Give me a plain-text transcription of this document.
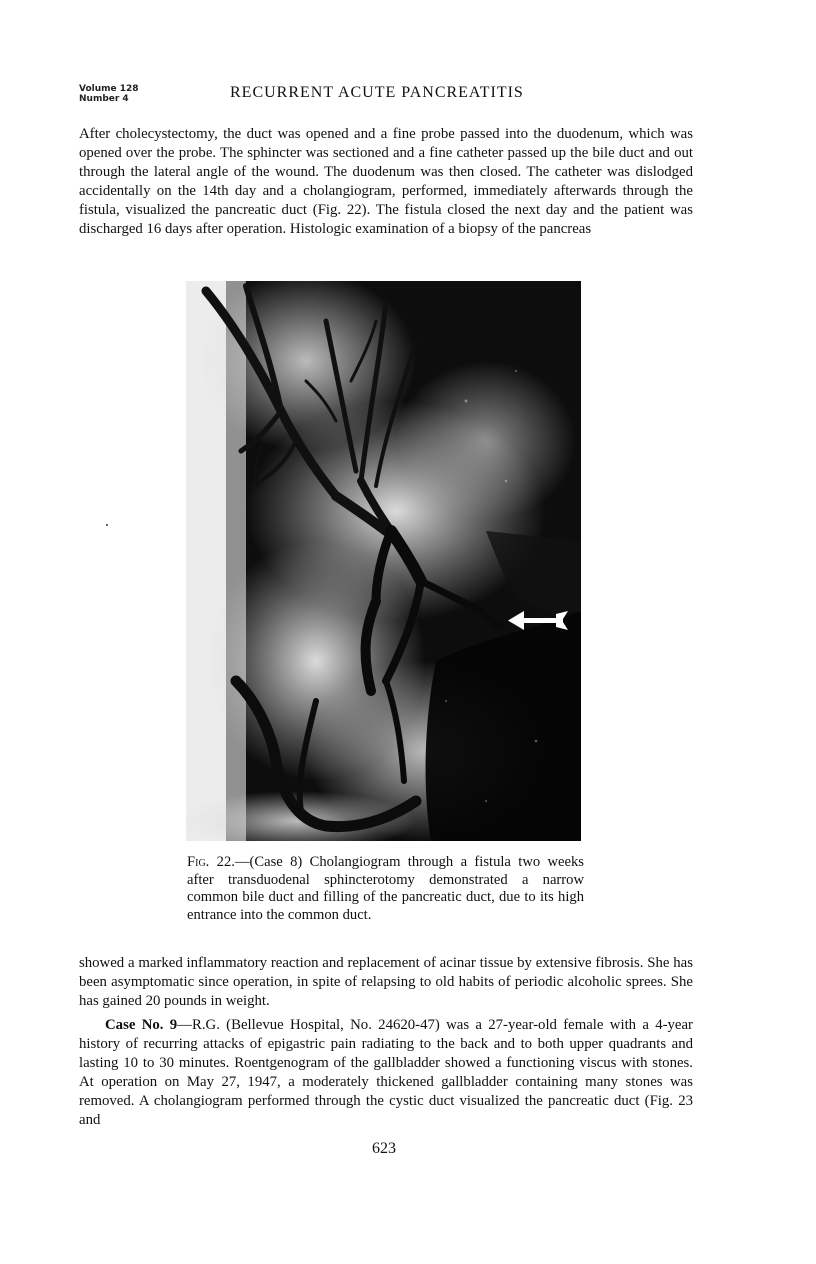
Volume 128
Number 4	RECURRENT ACUTE PANCREATITIS

After cholecystectomy, the duct was opened and a fine probe passed into the duodenum, which was opened over the probe. The sphincter was sectioned and a fine catheter passed up the bile duct and out through the lateral angle of the wound. The duodenum was then closed. The catheter was dislodged accidentally on the 14th day and a cholangiogram, performed, immediately afterwards through the fistula, visualized the pancreatic duct (Fig. 22). The fistula closed the next day and the patient was discharged 16 days after operation. Histologic examination of a biopsy of the pancreas

Fig. 22.—(Case 8) Cholangiogram through a fistula two weeks after transduodenal sphincterotomy demonstrated a narrow common bile duct and filling of the pancreatic duct, due to its high entrance into the common duct.

showed a marked inflammatory reaction and replacement of acinar tissue by extensive fibrosis. She has been asymptomatic since operation, in spite of relapsing to old habits of periodic alcoholic sprees. She has gained 20 pounds in weight.

Case No. 9—R.G. (Bellevue Hospital, No. 24620-47) was a 27-year-old female with a 4-year history of recurring attacks of epigastric pain radiating to the back and to both upper quadrants and lasting 10 to 30 minutes. Roentgenogram of the gallbladder showed a functioning viscus with stones. At operation on May 27, 1947, a moderately thickened gallbladder containing many stones was removed. A cholangiogram performed through the cystic duct visualized the pancreatic duct (Fig. 23 and

623
